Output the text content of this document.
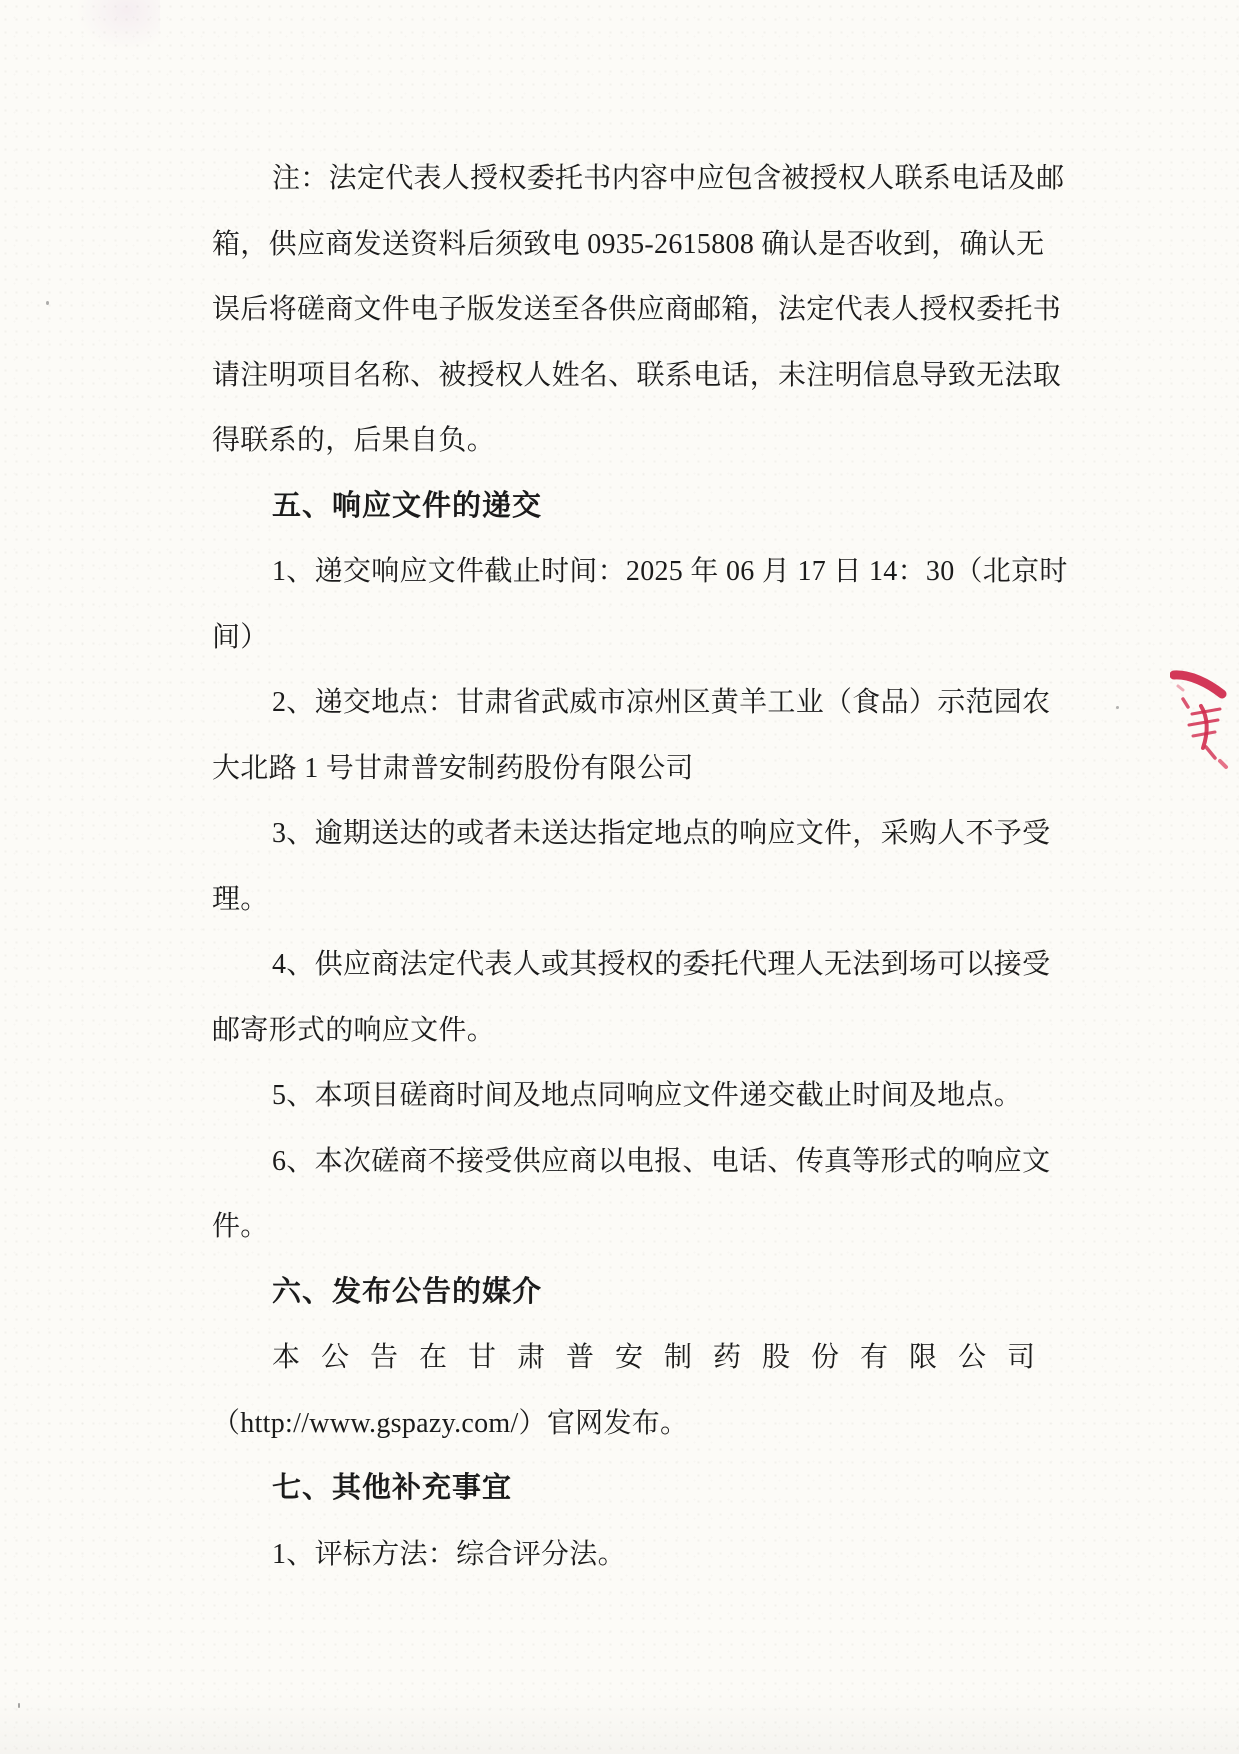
注：法定代表人授权委托书内容中应包含被授权人联系电话及邮
箱，供应商发送资料后须致电 0935-2615808 确认是否收到，确认无
误后将磋商文件电子版发送至各供应商邮箱，法定代表人授权委托书
请注明项目名称、被授权人姓名、联系电话，未注明信息导致无法取
得联系的，后果自负。
五、响应文件的递交
1、递交响应文件截止时间：2025 年 06 月 17 日 14：30（北京时
间）
2、递交地点：甘肃省武威市凉州区黄羊工业（食品）示范园农
大北路 1 号甘肃普安制药股份有限公司
3、逾期送达的或者未送达指定地点的响应文件，采购人不予受
理。
4、供应商法定代表人或其授权的委托代理人无法到场可以接受
邮寄形式的响应文件。
5、本项目磋商时间及地点同响应文件递交截止时间及地点。
6、本次磋商不接受供应商以电报、电话、传真等形式的响应文
件。
六、发布公告的媒介
本公告在甘肃普安制药股份有限公司
（http://www.gspazy.com/）官网发布。
七、其他补充事宜
1、评标方法：综合评分法。
